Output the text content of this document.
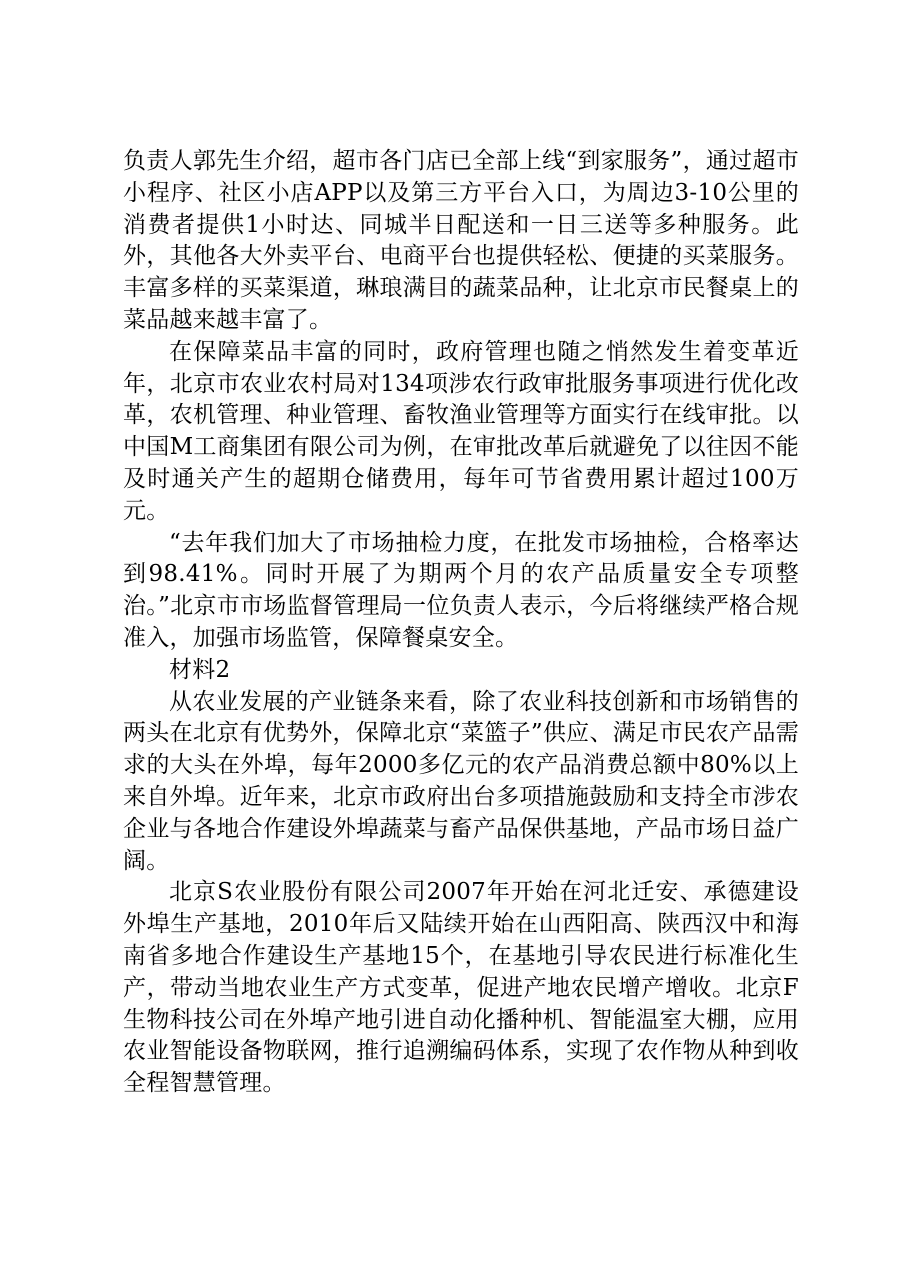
负责人郭先生介绍，超市各门店已全部上线“到家服务”，通过超市小程序、社区小店APP以及第三方平台入口，为周边3-10公里的消费者提供1小时达、同城半日配送和一日三送等多种服务。此外，其他各大外卖平台、电商平台也提供轻松、便捷的买菜服务。丰富多样的买菜渠道，琳琅满目的蔬菜品种，让北京市民餐桌上的菜品越来越丰富了。

在保障菜品丰富的同时，政府管理也随之悄然发生着变革近年，北京市农业农村局对134项涉农行政审批服务事项进行优化改革，农机管理、种业管理、畜牧渔业管理等方面实行在线审批。以中国M工商集团有限公司为例，在审批改革后就避免了以往因不能及时通关产生的超期仓储费用，每年可节省费用累计超过100万元。

“去年我们加大了市场抽检力度，在批发市场抽检，合格率达到98.41%。同时开展了为期两个月的农产品质量安全专项整治。”北京市市场监督管理局一位负责人表示，今后将继续严格合规准入，加强市场监管，保障餐桌安全。

材料2

从农业发展的产业链条来看，除了农业科技创新和市场销售的两头在北京有优势外，保障北京“菜篮子”供应、满足市民农产品需求的大头在外埠，每年2000多亿元的农产品消费总额中80%以上来自外埠。近年来，北京市政府出台多项措施鼓励和支持全市涉农企业与各地合作建设外埠蔬菜与畜产品保供基地，产品市场日益广阔。

北京S农业股份有限公司2007年开始在河北迁安、承德建设外埠生产基地，2010年后又陆续开始在山西阳高、陕西汉中和海南省多地合作建设生产基地15个，在基地引导农民进行标准化生产，带动当地农业生产方式变革，促进产地农民增产增收。北京F生物科技公司在外埠产地引进自动化播种机、智能温室大棚，应用农业智能设备物联网，推行追溯编码体系，实现了农作物从种到收全程智慧管理。
